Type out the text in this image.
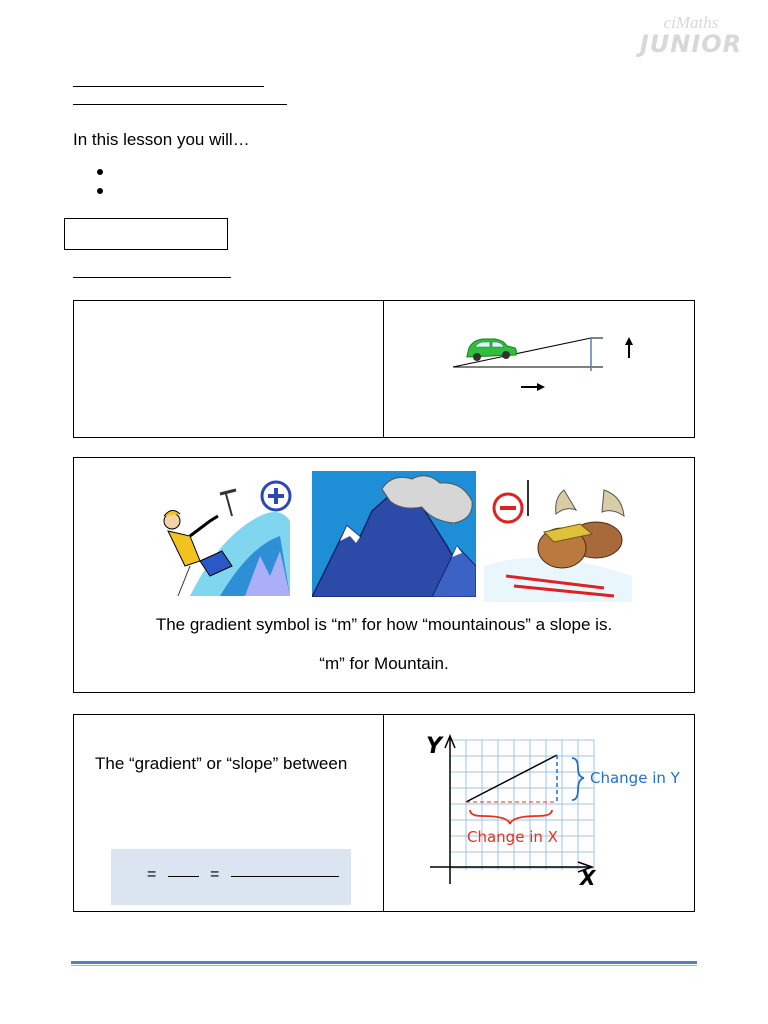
ciMaths
JUNIOR
In this lesson you will…
The gradient symbol is “m” for how “mountainous” a slope is.
“m” for Mountain.
The “gradient” or “slope” between
=	=
Y
X
Change in Y
Change in X
